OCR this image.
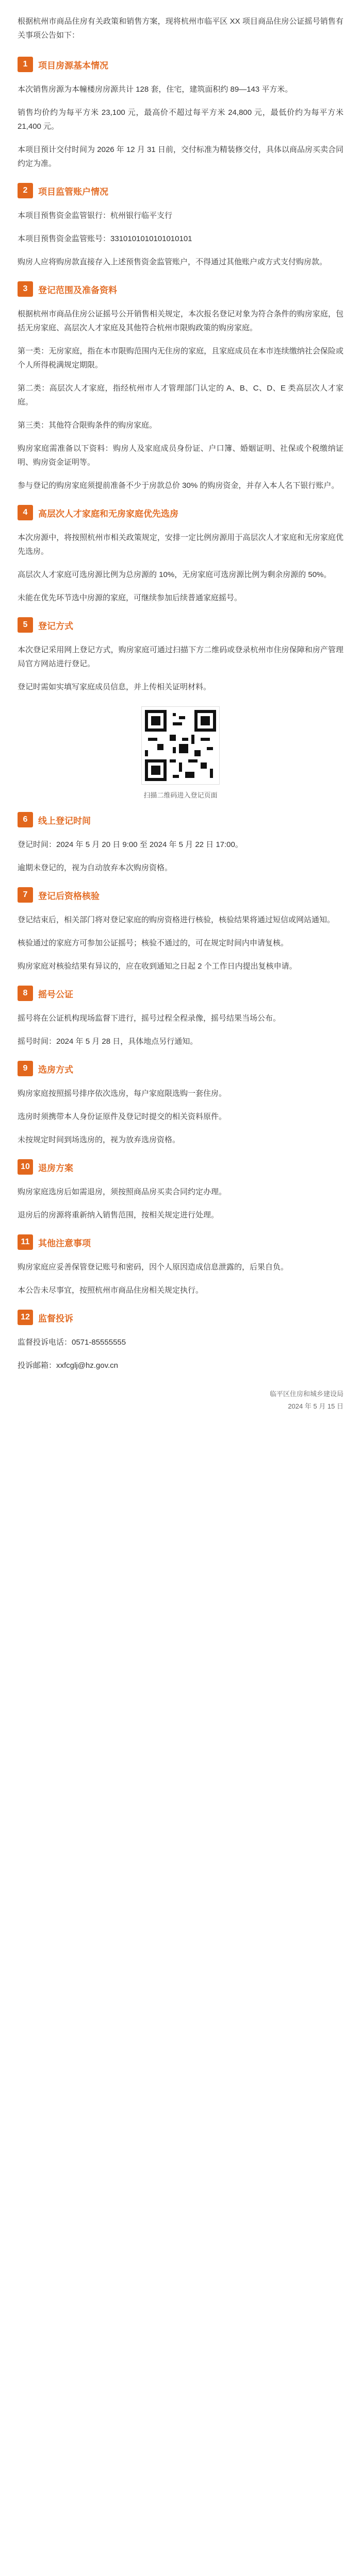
根据杭州市商品住房有关政策和销售方案，现将杭州市临平区 XX 项目商品住房公证摇号销售有关事项公告如下：

1	项目房源基本情况

本次销售房源为本幢楼房房源共计 128 套，住宅，建筑面积约 89—143 平方米。

销售均价约为每平方米 23,100 元，最高价不超过每平方米 24,800 元，最低价约为每平方米 21,400 元。

本项目预计交付时间为 2026 年 12 月 31 日前，交付标准为精装修交付，具体以商品房买卖合同约定为准。

2	项目监管账户情况

本项目预售资金监管银行：杭州银行临平支行

本项目预售资金监管账号：3310101010101010101

购房人应将购房款直接存入上述预售资金监管账户，不得通过其他账户或方式支付购房款。

3	登记范围及准备资料

根据杭州市商品住房公证摇号公开销售相关规定，本次报名登记对象为符合条件的购房家庭，包括无房家庭、高层次人才家庭及其他符合杭州市限购政策的购房家庭。

第一类：无房家庭，指在本市限购范围内无住房的家庭，且家庭成员在本市连续缴纳社会保险或个人所得税满规定期限。

第二类：高层次人才家庭，指经杭州市人才管理部门认定的 A、B、C、D、E 类高层次人才家庭。

第三类：其他符合限购条件的购房家庭。

购房家庭需准备以下资料：购房人及家庭成员身份证、户口簿、婚姻证明、社保或个税缴纳证明、购房资金证明等。

参与登记的购房家庭须提前准备不少于房款总价 30% 的购房资金，并存入本人名下银行账户。

4	高层次人才家庭和无房家庭优先选房

本次房源中，将按照杭州市相关政策规定，安排一定比例房源用于高层次人才家庭和无房家庭优先选房。

高层次人才家庭可选房源比例为总房源的 10%，无房家庭可选房源比例为剩余房源的 50%。

未能在优先环节选中房源的家庭，可继续参加后续普通家庭摇号。

5	登记方式

本次登记采用网上登记方式，购房家庭可通过扫描下方二维码或登录杭州市住房保障和房产管理局官方网站进行登记。

登记时需如实填写家庭成员信息，并上传相关证明材料。

扫描二维码进入登记页面
6	线上登记时间

登记时间：2024 年 5 月 20 日 9:00 至 2024 年 5 月 22 日 17:00。

逾期未登记的，视为自动放弃本次购房资格。

7	登记后资格核验

登记结束后，相关部门将对登记家庭的购房资格进行核验，核验结果将通过短信或网站通知。

核验通过的家庭方可参加公证摇号；核验不通过的，可在规定时间内申请复核。

购房家庭对核验结果有异议的，应在收到通知之日起 2 个工作日内提出复核申请。

8	摇号公证

摇号将在公证机构现场监督下进行，摇号过程全程录像，摇号结果当场公布。

摇号时间：2024 年 5 月 28 日，具体地点另行通知。

9	选房方式

购房家庭按照摇号排序依次选房，每户家庭限选购一套住房。

选房时须携带本人身份证原件及登记时提交的相关资料原件。

未按规定时间到场选房的，视为放弃选房资格。

10 退房方案

购房家庭选房后如需退房，须按照商品房买卖合同约定办理。

退房后的房源将重新纳入销售范围，按相关规定进行处理。

11 其他注意事项

购房家庭应妥善保管登记账号和密码，因个人原因造成信息泄露的，后果自负。

本公告未尽事宜，按照杭州市商品住房相关规定执行。

12 监督投诉

监督投诉电话：0571-85555555

投诉邮箱：xxfcglj@hz.gov.cn

临平区住房和城乡建设局
2024 年 5 月 15 日
